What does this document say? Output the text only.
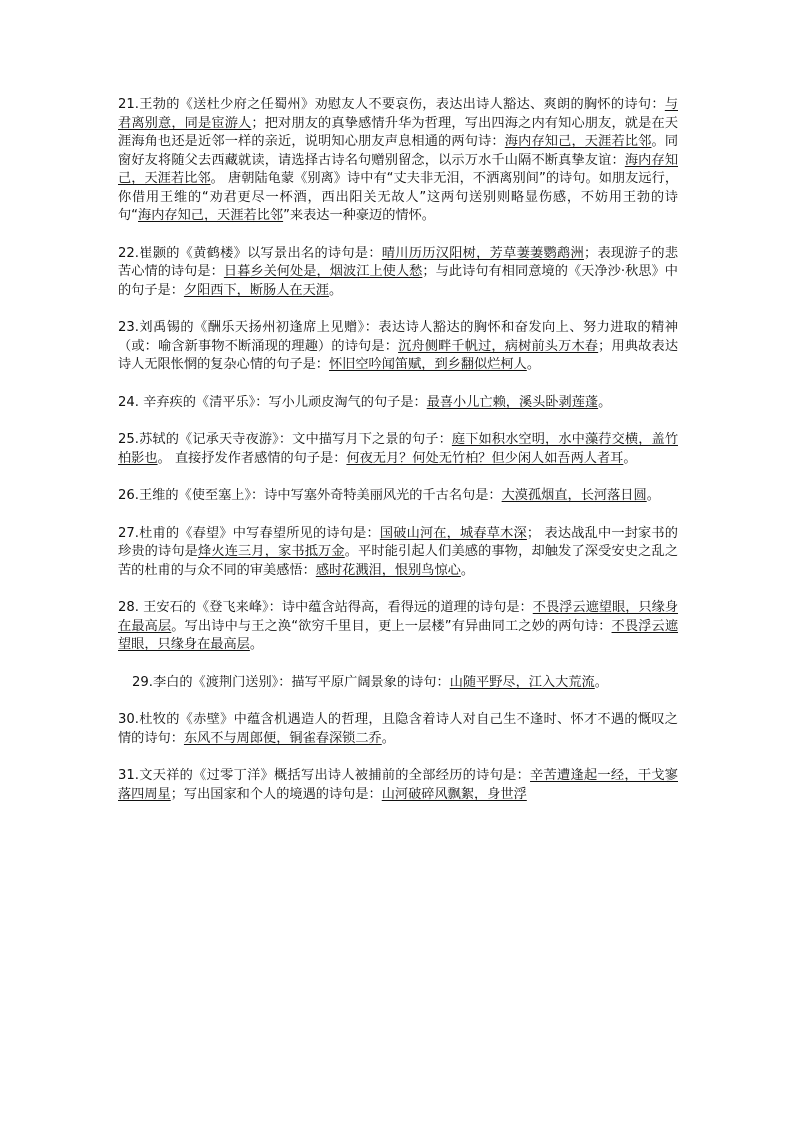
21.王勃的《送杜少府之任蜀州》劝慰友人不要哀伤，表达出诗人豁达、爽朗的胸怀的诗句：与君离别意，同是宦游人；把对朋友的真挚感情升华为哲理，写出四海之内有知心朋友，就是在天涯海角也还是近邻一样的亲近，说明知心朋友声息相通的两句诗：海内存知己，天涯若比邻。同窗好友将随父去西藏就读，请选择古诗名句赠别留念，以示万水千山隔不断真挚友谊：海内存知己，天涯若比邻。 唐朝陆龟蒙《别离》诗中有“丈夫非无泪，不洒离别间”的诗句。如朋友远行，你借用王维的“劝君更尽一杯酒，西出阳关无故人”这两句送别则略显伤感，不妨用王勃的诗句“海内存知己，天涯若比邻”来表达一种豪迈的情怀。

22.崔颢的《黄鹤楼》以写景出名的诗句是：晴川历历汉阳树，芳草萋萋鹦鹉洲；表现游子的悲苦心情的诗句是：日暮乡关何处是，烟波江上使人愁；与此诗句有相同意境的《天净沙·秋思》中的句子是：夕阳西下，断肠人在天涯。

23.刘禹锡的《酬乐天扬州初逢席上见赠》：表达诗人豁达的胸怀和奋发向上、努力进取的精神（或：喻含新事物不断涌现的理趣）的诗句是：沉舟侧畔千帆过，病树前头万木春；用典故表达诗人无限怅惘的复杂心情的句子是：怀旧空吟闻笛赋，到乡翻似烂柯人。

24. 辛弃疾的《清平乐》：写小儿顽皮淘气的句子是：最喜小儿亡赖，溪头卧剥莲蓬。

25.苏轼的《记承天寺夜游》：文中描写月下之景的句子：庭下如积水空明，水中藻荇交横，盖竹柏影也。 直接抒发作者感情的句子是：何夜无月？何处无竹柏？但少闲人如吾两人者耳。

26.王维的《使至塞上》：诗中写塞外奇特美丽风光的千古名句是：大漠孤烟直，长河落日圆。

27.杜甫的《春望》中写春望所见的诗句是：国破山河在，城春草木深； 表达战乱中一封家书的珍贵的诗句是烽火连三月，家书抵万金。平时能引起人们美感的事物，却触发了深受安史之乱之苦的杜甫的与众不同的审美感悟：感时花溅泪，恨别鸟惊心。

28. 王安石的《登飞来峰》：诗中蕴含站得高，看得远的道理的诗句是：不畏浮云遮望眼，只缘身在最高层。写出诗中与王之涣“欲穷千里目，更上一层楼”有异曲同工之妙的两句诗：不畏浮云遮望眼，只缘身在最高层。

29.李白的《渡荆门送别》：描写平原广阔景象的诗句：山随平野尽，江入大荒流。

30.杜牧的《赤壁》中蕴含机遇造人的哲理，且隐含着诗人对自己生不逢时、怀才不遇的慨叹之情的诗句：东风不与周郎便，铜雀春深锁二乔。

31.文天祥的《过零丁洋》概括写出诗人被捕前的全部经历的诗句是：辛苦遭逢起一经，干戈寥落四周星；写出国家和个人的境遇的诗句是：山河破碎风飘絮，身世浮
